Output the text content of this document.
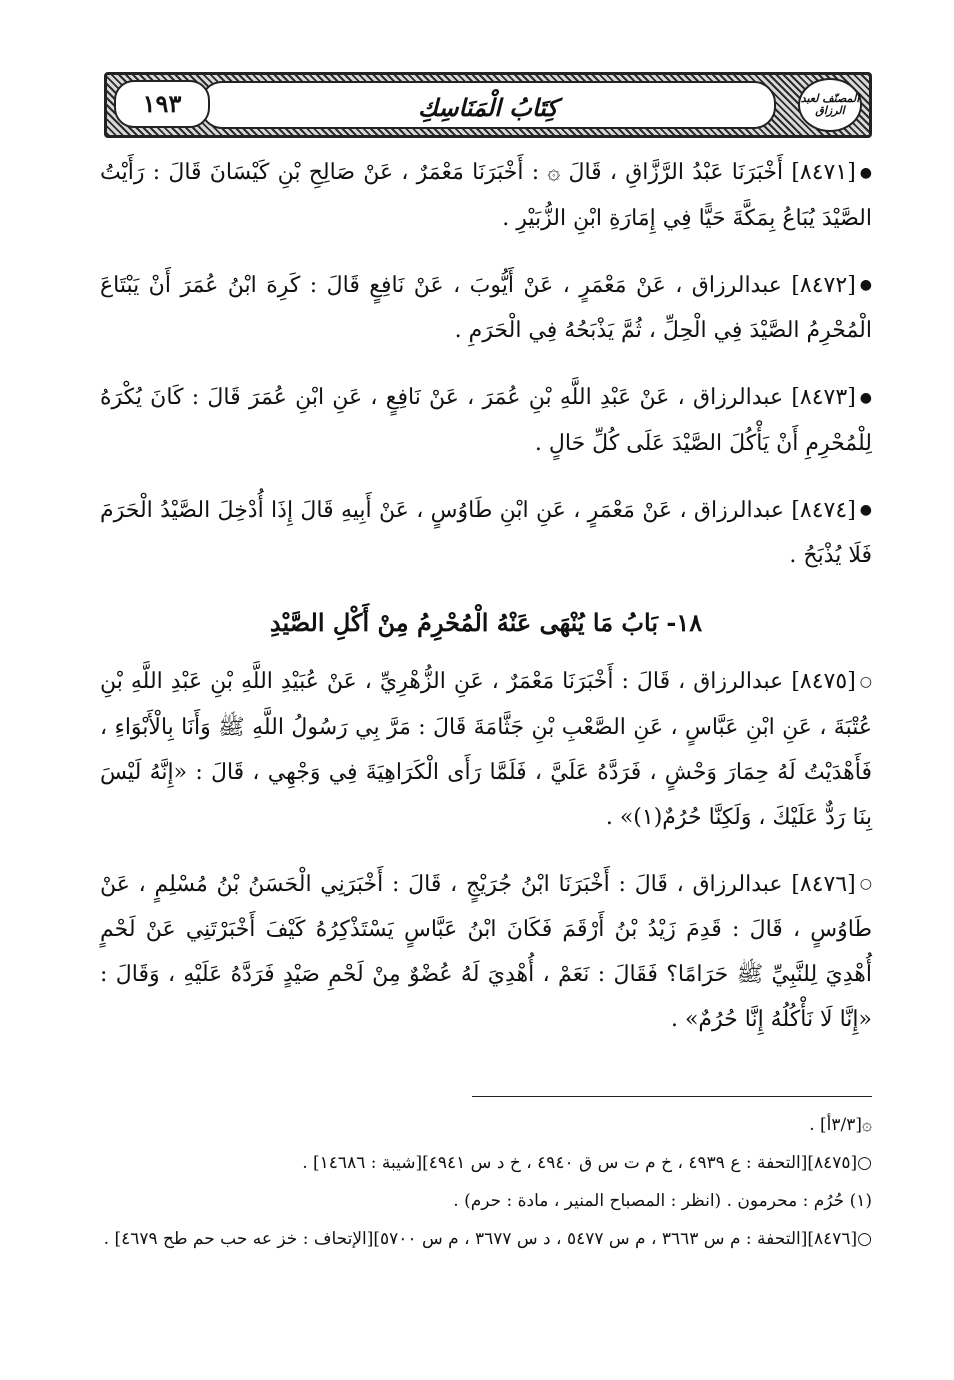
كِتَابُ الْمَنَاسِكِ
١٩٣	المصنّف لعبد الرزاق

●[٨٤٧١] أَخْبَرَنَا عَبْدُ الرَّزَّاقِ ، قَالَ ۞ : أَخْبَرَنَا مَعْمَرٌ ، عَنْ صَالِحِ بْنِ كَيْسَانَ قَالَ : رَأَيْتُ الصَّيْدَ يُبَاعُ بِمَكَّةَ حَيًّا فِي إِمَارَةِ ابْنِ الزُّبَيْرِ .

●[٨٤٧٢] عبدالرزاق ، عَنْ مَعْمَرٍ ، عَنْ أَيُّوبَ ، عَنْ نَافِعٍ قَالَ : كَرِهَ ابْنُ عُمَرَ أَنْ يَبْتَاعَ الْمُحْرِمُ الصَّيْدَ فِي الْحِلِّ ، ثُمَّ يَذْبَحُهُ فِي الْحَرَمِ .

●[٨٤٧٣] عبدالرزاق ، عَنْ عَبْدِ اللَّهِ بْنِ عُمَرَ ، عَنْ نَافِعٍ ، عَنِ ابْنِ عُمَرَ قَالَ : كَانَ يُكْرَهُ لِلْمُحْرِمِ أَنْ يَأْكُلَ الصَّيْدَ عَلَى كُلِّ حَالٍ .

●[٨٤٧٤] عبدالرزاق ، عَنْ مَعْمَرٍ ، عَنِ ابْنِ طَاوُسٍ ، عَنْ أَبِيهِ قَالَ إِذَا أُدْخِلَ الصَّيْدُ الْحَرَمَ فَلَا يُذْبَحُ .

١٨- بَابُ مَا يُنْهَى عَنْهُ الْمُحْرِمُ مِنْ أَكْلِ الصَّيْدِ

○[٨٤٧٥] عبدالرزاق ، قَالَ : أَخْبَرَنَا مَعْمَرٌ ، عَنِ الزُّهْرِيِّ ، عَنْ عُبَيْدِ اللَّهِ بْنِ عَبْدِ اللَّهِ بْنِ عُتْبَةَ ، عَنِ ابْنِ عَبَّاسٍ ، عَنِ الصَّعْبِ بْنِ جَثَّامَةَ قَالَ : مَرَّ بِي رَسُولُ اللَّهِ ﷺ وَأَنَا بِالْأَبْوَاءِ ، فَأَهْدَيْتُ لَهُ حِمَارَ وَحْشٍ ، فَرَدَّهُ عَلَيَّ ، فَلَمَّا رَأَى الْكَرَاهِيَةَ فِي وَجْهِي ، قَالَ : «إِنَّهُ لَيْسَ بِنَا رَدٌّ عَلَيْكَ ، وَلَكِنَّا حُرُمٌ(١)» .

○[٨٤٧٦] عبدالرزاق ، قَالَ : أَخْبَرَنَا ابْنُ جُرَيْجٍ ، قَالَ : أَخْبَرَنِي الْحَسَنُ بْنُ مُسْلِمٍ ، عَنْ طَاوُسٍ ، قَالَ : قَدِمَ زَيْدُ بْنُ أَرْقَمَ فَكَانَ ابْنُ عَبَّاسٍ يَسْتَذْكِرُهُ كَيْفَ أَخْبَرْتَنِي عَنْ لَحْمٍ أُهْدِيَ لِلنَّبِيِّ ﷺ حَرَامًا؟ فَقَالَ : نَعَمْ ، أُهْدِيَ لَهُ عُضْوٌ مِنْ لَحْمِ صَيْدٍ فَرَدَّهُ عَلَيْهِ ، وَقَالَ : «إِنَّا لَا نَأْكُلُهُ إِنَّا حُرُمٌ» .

۞[٣/٣أ] .

○[٨٤٧٥][التحفة : ع ٤٩٣٩ ، خ م ت س ق ٤٩٤٠ ، خ د س ٤٩٤١][شيبة : ١٤٦٨٦] .

(١) حُرُم : محرمون . (انظر : المصباح المنير ، مادة : حرم) .

○[٨٤٧٦][التحفة : م س ٣٦٦٣ ، م س ٥٤٧٧ ، د س ٣٦٧٧ ، م س ٥٧٠٠][الإتحاف : خز عه حب حم طح ٤٦٧٩] .
